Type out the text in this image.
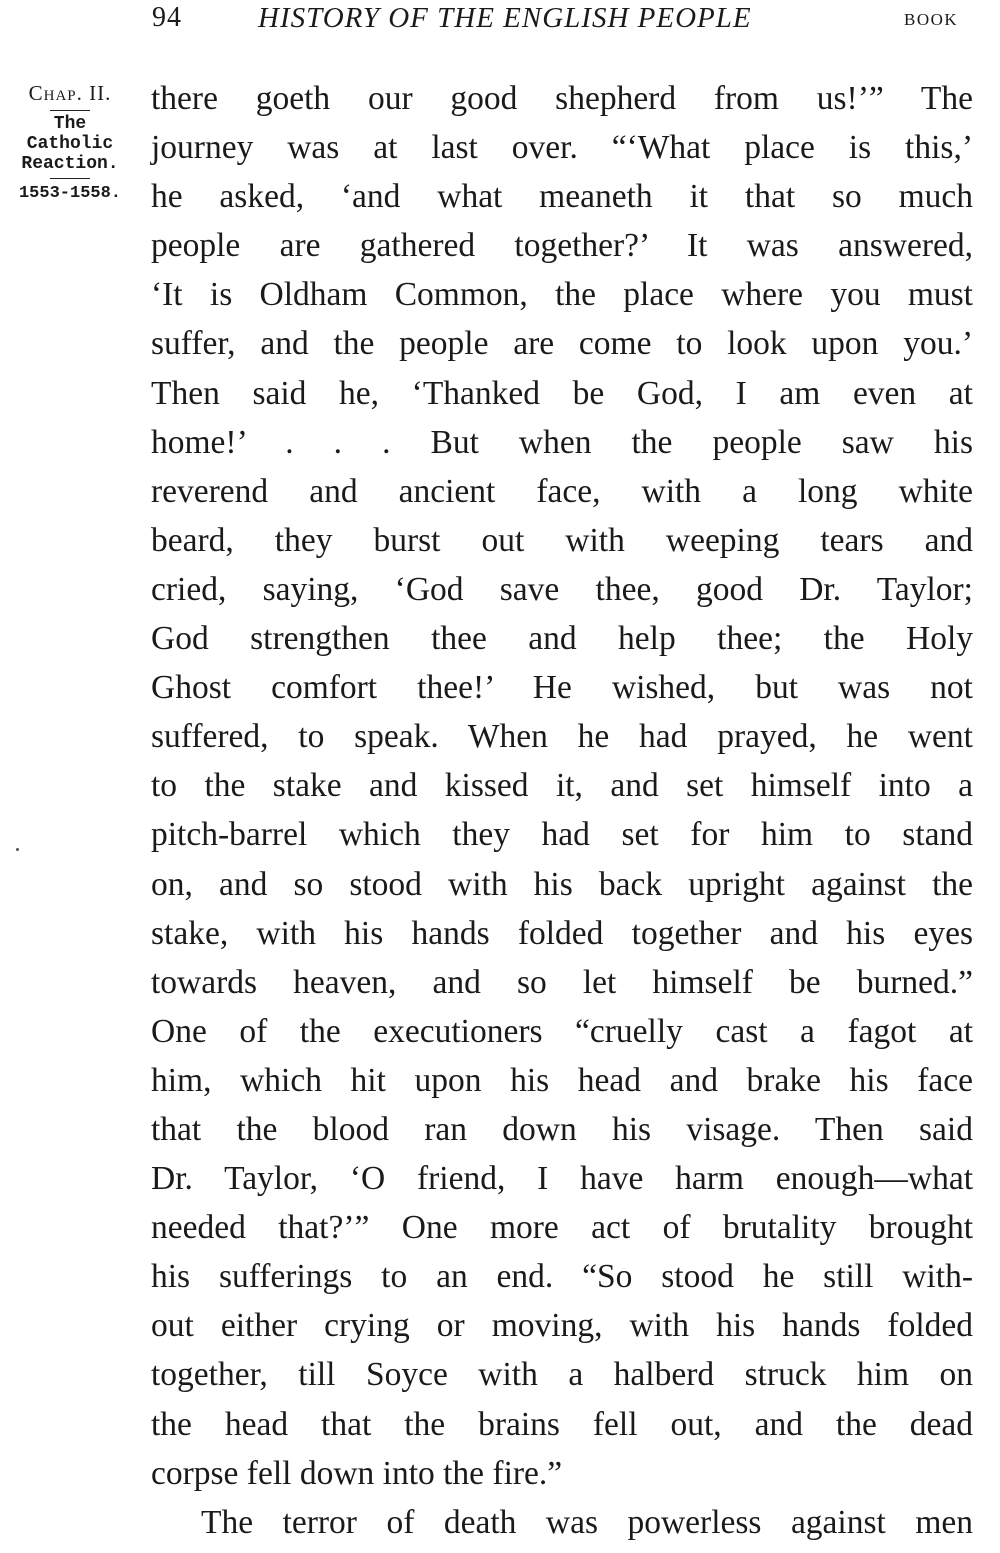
94	HISTORY OF THE ENGLISH PEOPLE	BOOK
Chap. II.
The
Catholic
Reaction.
1553-1558.
there goeth our good shepherd from us!’” The
journey was at last over. “‘What place is this,’
he asked, ‘and what meaneth it that so much
people are gathered together?’ It was answered,
‘It is Oldham Common, the place where you must
suffer, and the people are come to look upon you.’
Then said he, ‘Thanked be God, I am even at
home!’ . . . But when the people saw his
reverend and ancient face, with a long white
beard, they burst out with weeping tears and
cried, saying, ‘God save thee, good Dr. Taylor;
God strengthen thee and help thee; the Holy
Ghost comfort thee!’ He wished, but was not
suffered, to speak. When he had prayed, he went
to the stake and kissed it, and set himself into a
pitch-barrel which they had set for him to stand
on, and so stood with his back upright against the
stake, with his hands folded together and his eyes
towards heaven, and so let himself be burned.”
One of the executioners “cruelly cast a fagot at
him, which hit upon his head and brake his face
that the blood ran down his visage. Then said
Dr. Taylor, ‘O friend, I have harm enough—what
needed that?’” One more act of brutality brought
his sufferings to an end. “So stood he still with-
out either crying or moving, with his hands folded
together, till Soyce with a halberd struck him on
the head that the brains fell out, and the dead
corpse fell down into the fire.”
The terror of death was powerless against men
